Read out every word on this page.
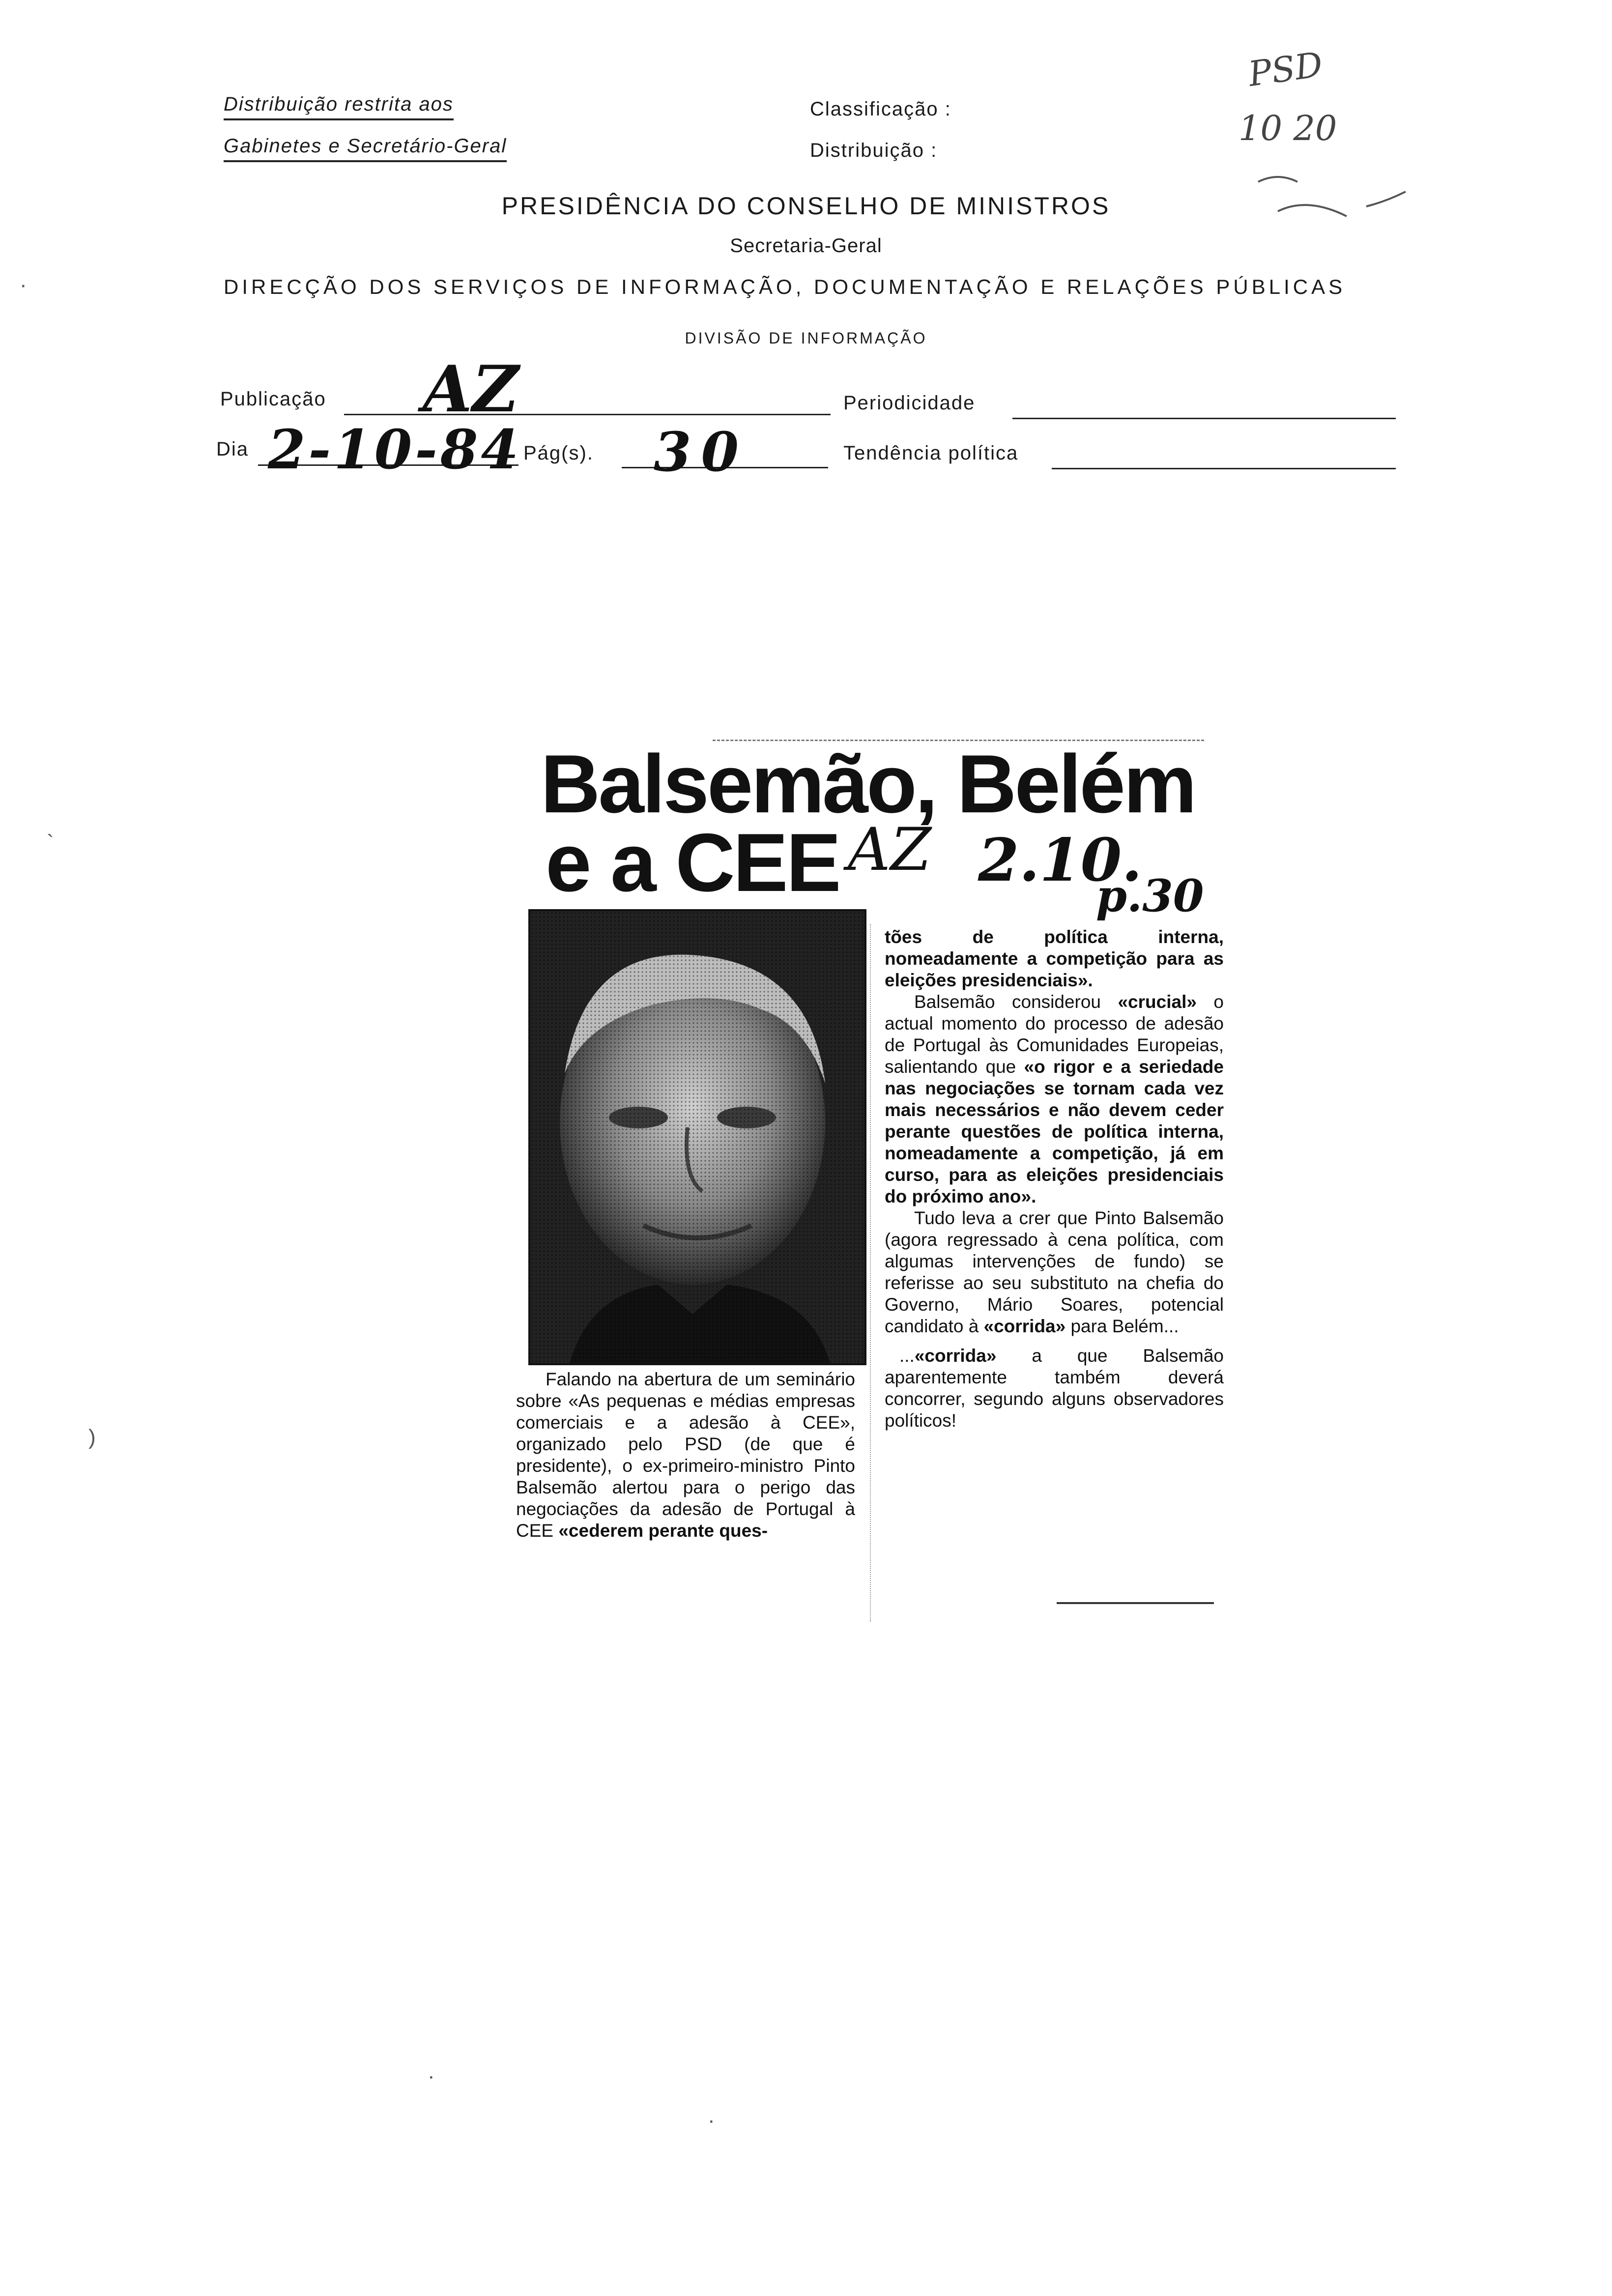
Distribuição restrita aos
Gabinetes e Secretário-Geral
Classificação :
Distribuição :
PSD
10 20
PRESIDÊNCIA DO CONSELHO DE MINISTROS
Secretaria-Geral
DIRECÇÃO DOS SERVIÇOS DE INFORMAÇÃO, DOCUMENTAÇÃO E RELAÇÕES PÚBLICAS
DIVISÃO DE INFORMAÇÃO
Publicação AZ	Periodicidade
Dia 2-10-84 Pág(s). 30	Tendência política
·
`
)
Balsemão, Belém
e a CEE AZ 2.10.
p.30

Falando na abertura de um seminário sobre «As pequenas e médias empresas comerciais e a adesão à CEE», organizado pelo PSD (de que é presidente), o ex-primeiro-ministro Pinto Balsemão alertou para o perigo das negociações da adesão de Portugal à CEE «cederem perante ques-

tões de política interna, nomeadamente a competição para as eleições presidenciais».

Balsemão considerou «crucial» o actual momento do processo de adesão de Portugal às Comunidades Europeias, salientando que «o rigor e a seriedade nas negociações se tornam cada vez mais necessários e não devem ceder perante questões de política interna, nomeadamente a competição, já em curso, para as eleições presidenciais do próximo ano».

Tudo leva a crer que Pinto Balsemão (agora regressado à cena política, com algumas intervenções de fundo) se referisse ao seu substituto na chefia do Governo, Mário Soares, potencial candidato à «corrida» para Belém...

...«corrida» a que Balsemão aparentemente também deverá concorrer, segundo alguns observadores políticos!

·
·
